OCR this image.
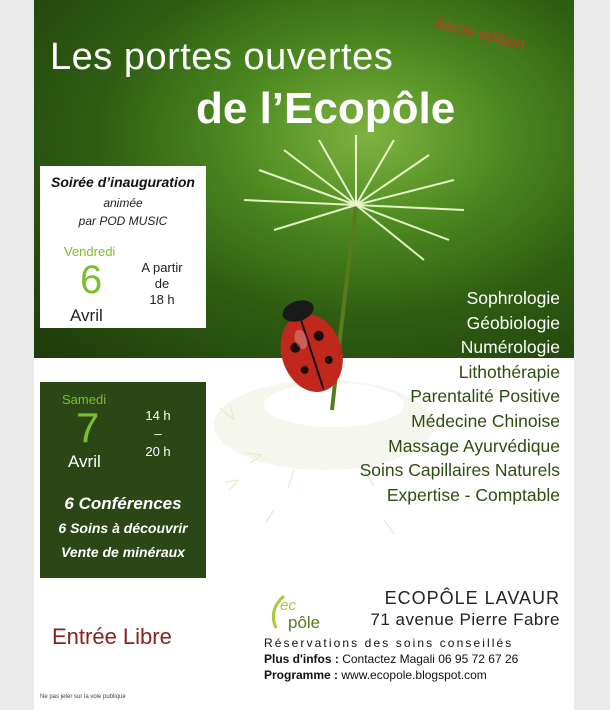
6ème édition
Les portes ouvertes
de l’Ecopôle
Soirée d’inauguration
animée
par POD MUSIC
Vendredi
6
Avril
A partir
de
18 h
Samedi
7
Avril
14 h
–
20 h
6 Conférences
6 Soins à découvrir
Vente de minéraux
Sophrologie
Géobiologie
Numérologie
Lithothérapie
Parentalité Positive
Médecine Chinoise
Massage Ayurvédique
Soins Capillaires Naturels
Expertise - Comptable
Entrée Libre
ec
pôle
ECOPÔLE LAVAUR
71 avenue Pierre Fabre
Réservations des soins conseillés
Plus d'infos : Contactez Magali 06 95 72 67 26
Programme : www.ecopole.blogspot.com
Ne pas jeter sur la voie publique
